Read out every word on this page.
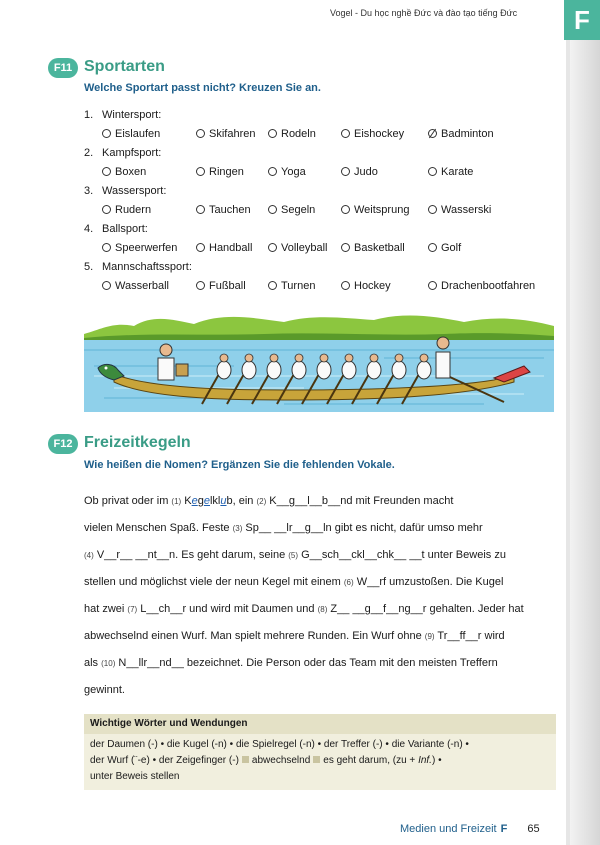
Vogel - Du học nghề Đức và đào tạo tiếng Đức	F
F11 Sportarten
Welche Sportart passt nicht? Kreuzen Sie an.
1. Wintersport:
Eislaufen	Skifahren	Rodeln	Eishockey	Badminton
2. Kampfsport:
Boxen	Ringen	Yoga	Judo	Karate
3. Wassersport:
Rudern	Tauchen	Segeln	Weitsprung	Wasserski
4. Ballsport:
Speerwerfen	Handball	Volleyball	Basketball	Golf
5. Mannschaftssport:
Wasserball	Fußball	Turnen	Hockey	Drachenbootfahren
F12 Freizeitkegeln
Wie heißen die Nomen? Ergänzen Sie die fehlenden Vokale.
Ob privat oder im (1) Kegelklub, ein (2) K__g__l__b__nd mit Freunden macht
vielen Menschen Spaß. Feste (3) Sp__ __lr__g__ln gibt es nicht, dafür umso mehr
(4) V__r__ __nt__n. Es geht darum, seine (5) G__sch__ckl__chk__ __t unter Beweis zu
stellen und möglichst viele der neun Kegel mit einem (6) W__rf umzustoßen. Die Kugel
hat zwei (7) L__ch__r und wird mit Daumen und (8) Z__ __g__f__ng__r gehalten. Jeder hat
abwechselnd einen Wurf. Man spielt mehrere Runden. Ein Wurf ohne (9) Tr__ff__r wird
als (10) N__llr__nd__ bezeichnet. Die Person oder das Team mit den meisten Treffern
gewinnt.
Wichtige Wörter und Wendungen
der Daumen (-) • die Kugel (-n) • die Spielregel (-n) • der Treffer (-) • die Variante (-n) •
der Wurf (¨-e) • der Zeigefinger (-) abwechselnd es geht darum, (zu + Inf.) •
unter Beweis stellen
Medien und Freizeit F 65
